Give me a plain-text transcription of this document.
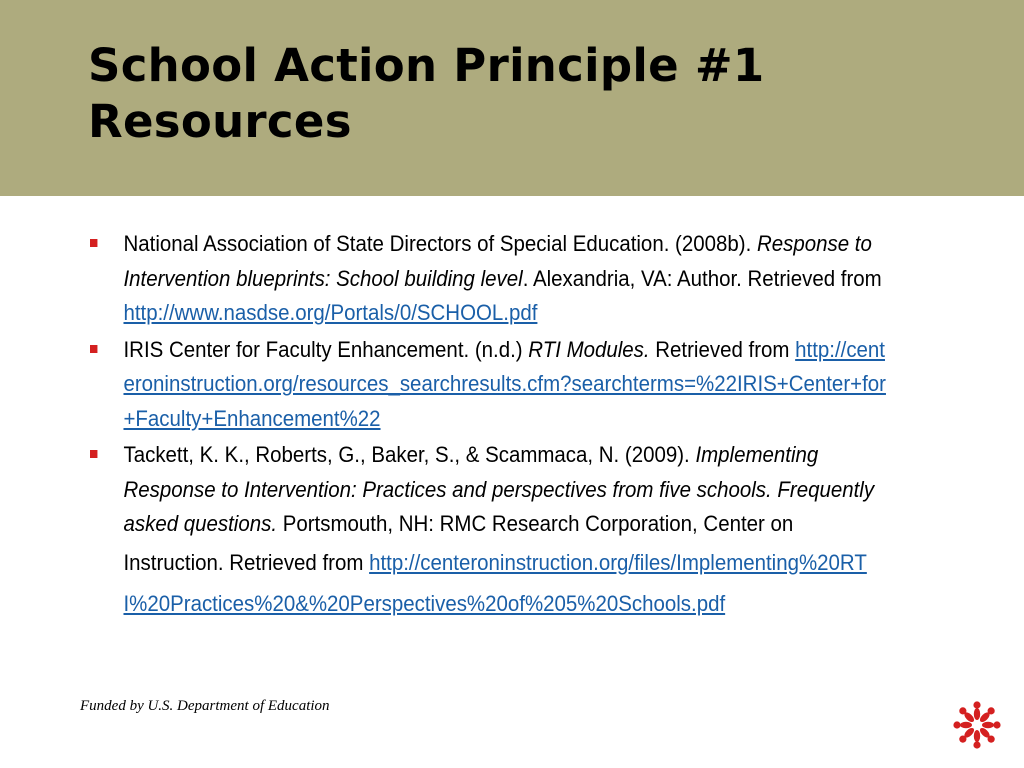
School Action Principle #1
Resources
National Association of State Directors of Special Education. (2008b). Response to Intervention blueprints: School building level. Alexandria, VA: Author. Retrieved from http://www.nasdse.org/Portals/0/SCHOOL.pdf
IRIS Center for Faculty Enhancement. (n.d.) RTI Modules. Retrieved from http://centeroninstruction.org/resources_searchresults.cfm?searchterms=%22IRIS+Center+for+Faculty+Enhancement%22
Tackett, K. K., Roberts, G., Baker, S., & Scammaca, N. (2009). Implementing Response to Intervention: Practices and perspectives from five schools. Frequently asked questions. Portsmouth, NH: RMC Research Corporation, Center on Instruction. Retrieved from http://centeroninstruction.org/files/Implementing%20RTI%20Practices%20&%20Perspectives%20of%205%20Schools.pdf
Funded by U.S. Department of Education
